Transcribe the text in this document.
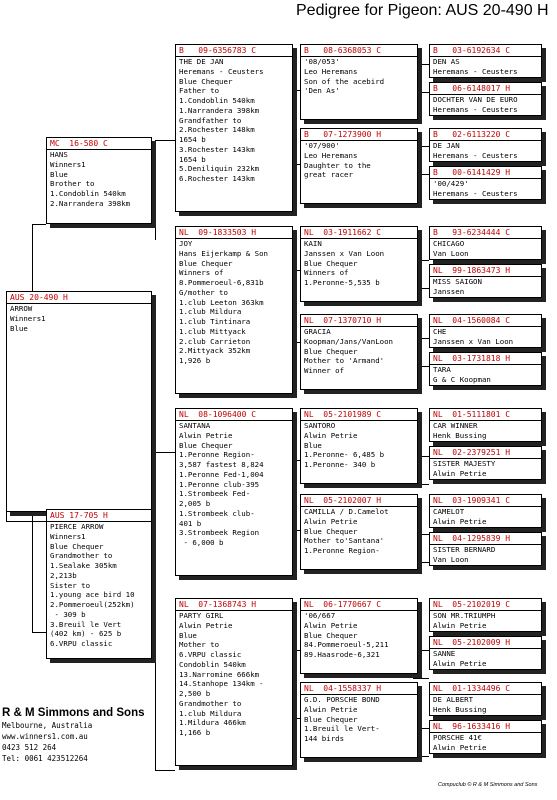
Pedigree for Pigeon: AUS 20-490 H
AUS 20-490 H
ARROW
Winners1
Blue
MC  16-580 C
HANS
Winners1
Blue
Brother to
1.Condoblin 540km
2.Narrandera 398km
AUS 17-705 H
PIERCE ARROW
Winners1
Blue Chequer
Grandmother to
1.Sealake 305km
2,213b
Sister to
1.young ace bird 10
2.Pommeroeul(252km)
- 309 b
3.Breuil le Vert
(402 km) - 625 b
6.VRPU classic
B   09-6356783 C
THE DE JAN
Heremans - Ceusters
Blue Chequer
Father to
1.Condoblin 540km
1.Narrandera 398km
Grandfather to
2.Rochester 148km
1654 b
3.Rochester 143km
1654 b
5.Deniliquin 232km
6.Rochester 143km
NL  09-1833503 H
JOY
Hans Eijerkamp & Son
Blue Chequer
Winners of
8.Pommeroeul-6,831b
G/mother to
1.club Leeton 363km
1.club Mildura
1.club Tintinara
1.club Mittyack
2.club Carrieton
2.Mittyack 352km
1,926 b
NL  08-1096400 C
SANTANA
Alwin Petrie
Blue Chequer
1.Peronne Region-
3,587 fastest 8,824
1.Peronne Fed-1,004
1.Peronne club-395
1.Strombeek Fed-
2,005 b
1.Strombeek club-
401 b
3.Strombeek Region
- 6,000 b
NL  07-1368743 H
PARTY GIRL
Alwin Petrie
Blue
Mother to
6.VRPU classic
Condoblin 540km
13.Narromine 666km
14.Stanhope 134km -
2,500 b
Grandmother to
1.club Mildura
1.Mildura 466km
1,166 b
B   08-6368053 C
'08/053'
Leo Heremans
Son of the acebird
'Den As'
B   07-1273900 H
'07/900'
Leo Heremans
Daughter to the
great racer
NL  03-1911662 C
KAIN
Janssen x Van Loon
Blue Chequer
Winners of
1.Peronne-5,535 b
NL  07-1370710 H
GRACIA
Koopman/Jans/VanLoon
Blue Chequer
Mother to 'Armand'
Winner of
NL  05-2101989 C
SANTORO
Alwin Petrie
Blue
1.Peronne- 6,485 b
1.Peronne- 340 b
NL  05-2102007 H
CAMILLA / D.Camelot
Alwin Petrie
Blue Chequer
Mother to'Santana'
1.Peronne Region-
NL  06-1770667 C
'06/667
Alwin Petrie
Blue Chequer
84.Pommeroeul-5,211
89.Haasrode-6,321
NL  04-1558337 H
G.D. PORSCHE BOND
Alwin Petrie
Blue Chequer
1.Breuil le Vert-
144 birds
B   03-6192634 C
DEN AS
Heremans - Ceusters
B   06-6148017 H
DOCHTER VAN DE EURO
Heremans - Ceusters
B   02-6113220 C
DE JAN
Heremans - Ceusters
B   00-6141429 H
'00/429'
Heremans - Ceusters
B   93-6234444 C
CHICAGO
Van Loon
NL  99-1863473 H
MISS SAIGON
Janssen
NL  04-1560084 C
CHE
Janssen x Van Loon
NL  03-1731818 H
TARA
G & C Koopman
NL  01-5111801 C
CAR WINNER
Henk Bussing
NL  02-2379251 H
SISTER MAJESTY
Alwin Petrie
NL  03-1909341 C
CAMELOT
Alwin Petrie
NL  04-1295839 H
SISTER BERNARD
Van Loon
NL  05-2102019 C
SON MR.TRIUMPH
Alwin Petrie
NL  05-2102009 H
SANNE
Alwin Petrie
NL  01-1334496 C
DE ALBERT
Henk Bussing
NL  96-1633416 H
PORSCHE 41€
Alwin Petrie
R & M Simmons and Sons
Melbourne, Australia
www.winners1.com.au
0423 512 264
Tel: 0061 423512264
Compuclub © R & M Simmons and Sons
